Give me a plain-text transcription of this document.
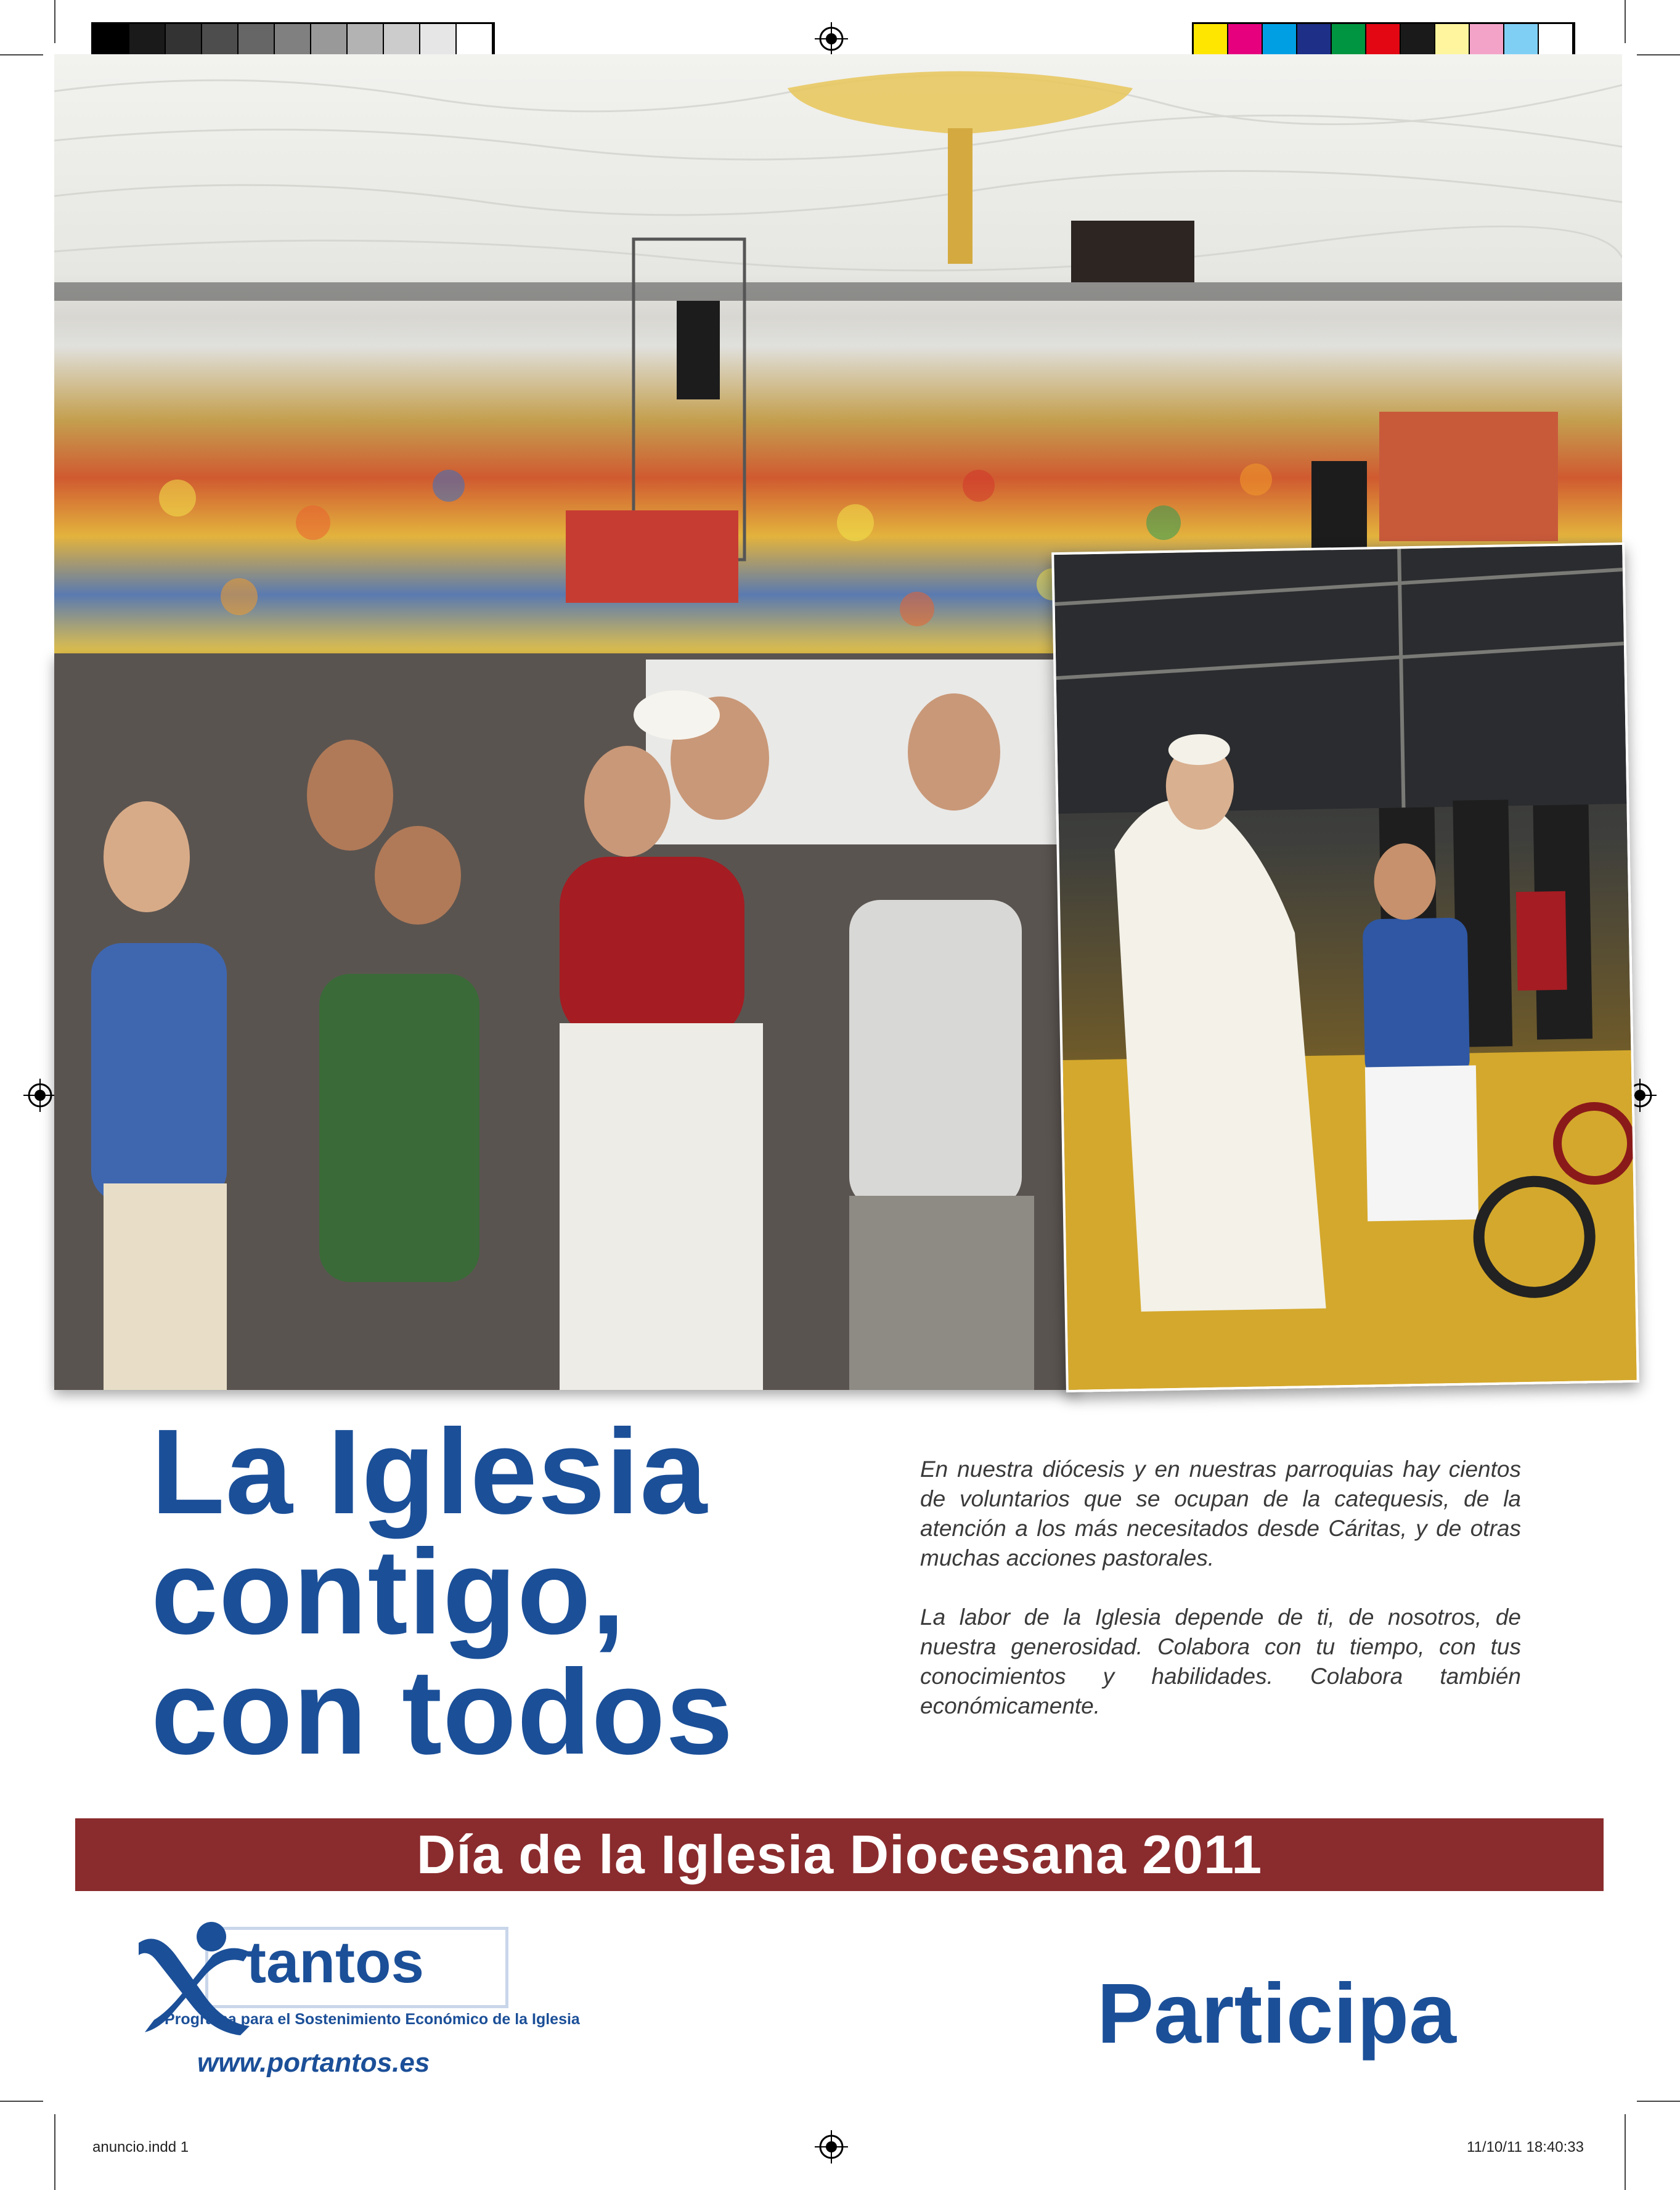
La Iglesia
contigo,
con todos

En nuestra diócesis y en nuestras parroquias hay cientos de voluntarios que se ocupan de la catequesis, de la atención a los más necesitados desde Cáritas, y de otras muchas acciones pastorales.

La labor de la Iglesia depende de ti, de nosotros, de nuestra generosidad. Colabora con tu tiempo, con tus conocimientos y habilidades. Colabora también económicamente.

Día de la Iglesia Diocesana 2011
tantos
Programa para el Sostenimiento Económico de la Iglesia
www.portantos.es
Participa
anuncio.indd 1	11/10/11 18:40:33
